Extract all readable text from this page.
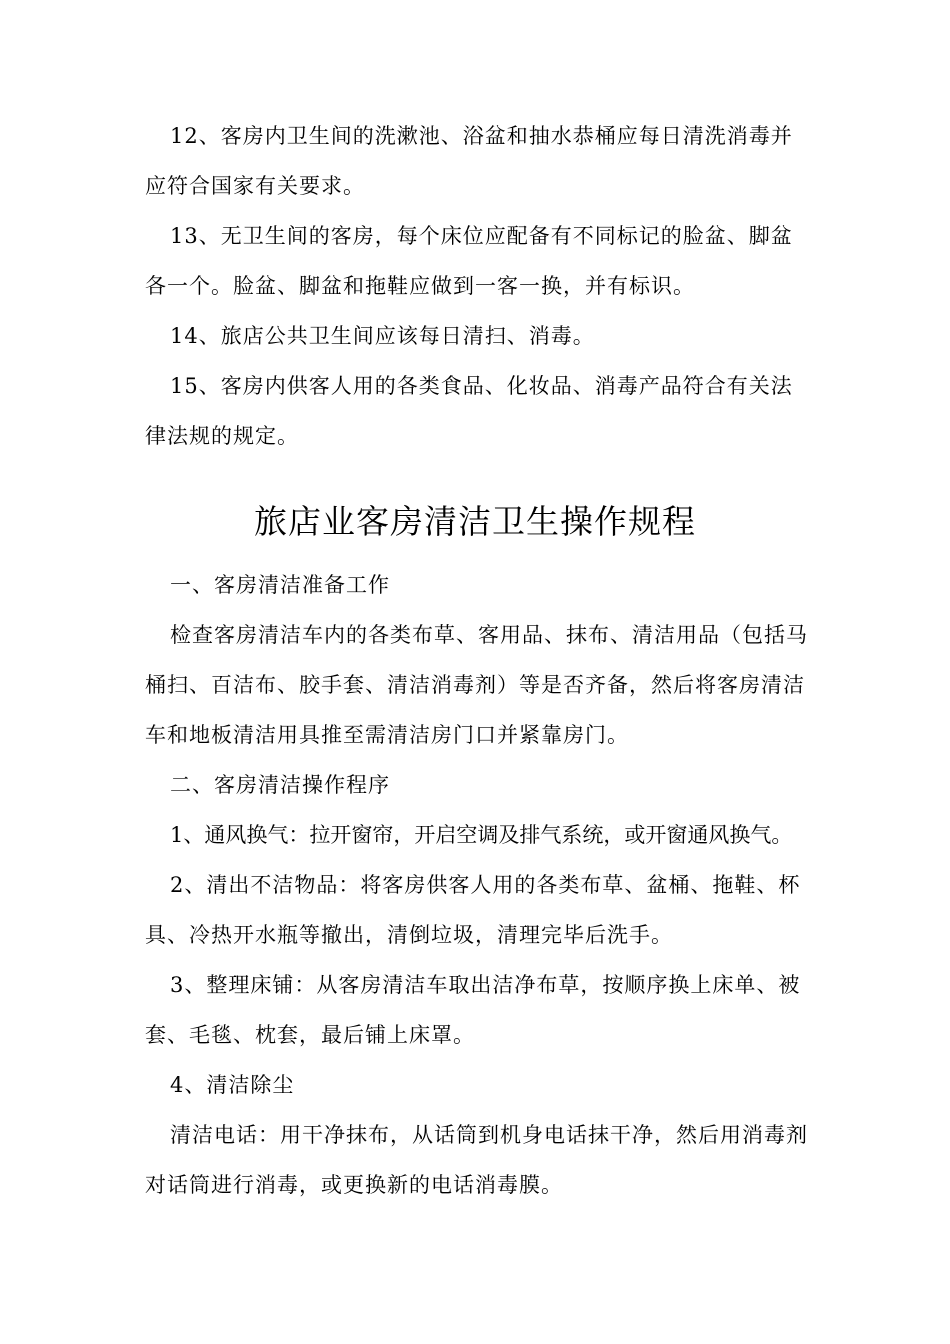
12、客房内卫生间的洗漱池、浴盆和抽水恭桶应每日清洗消毒并应符合国家有关要求。

13、无卫生间的客房，每个床位应配备有不同标记的脸盆、脚盆各一个。脸盆、脚盆和拖鞋应做到一客一换，并有标识。

14、旅店公共卫生间应该每日清扫、消毒。

15、客房内供客人用的各类食品、化妆品、消毒产品符合有关法律法规的规定。

旅店业客房清洁卫生操作规程

一、客房清洁准备工作

检查客房清洁车内的各类布草、客用品、抹布、清洁用品（包括马桶扫、百洁布、胶手套、清洁消毒剂）等是否齐备，然后将客房清洁车和地板清洁用具推至需清洁房门口并紧靠房门。

二、客房清洁操作程序

1、通风换气：拉开窗帘，开启空调及排气系统，或开窗通风换气。

2、清出不洁物品：将客房供客人用的各类布草、盆桶、拖鞋、杯具、冷热开水瓶等撤出，清倒垃圾，清理完毕后洗手。

3、整理床铺：从客房清洁车取出洁净布草，按顺序换上床单、被套、毛毯、枕套，最后铺上床罩。

4、清洁除尘

清洁电话：用干净抹布，从话筒到机身电话抹干净，然后用消毒剂对话筒进行消毒，或更换新的电话消毒膜。
